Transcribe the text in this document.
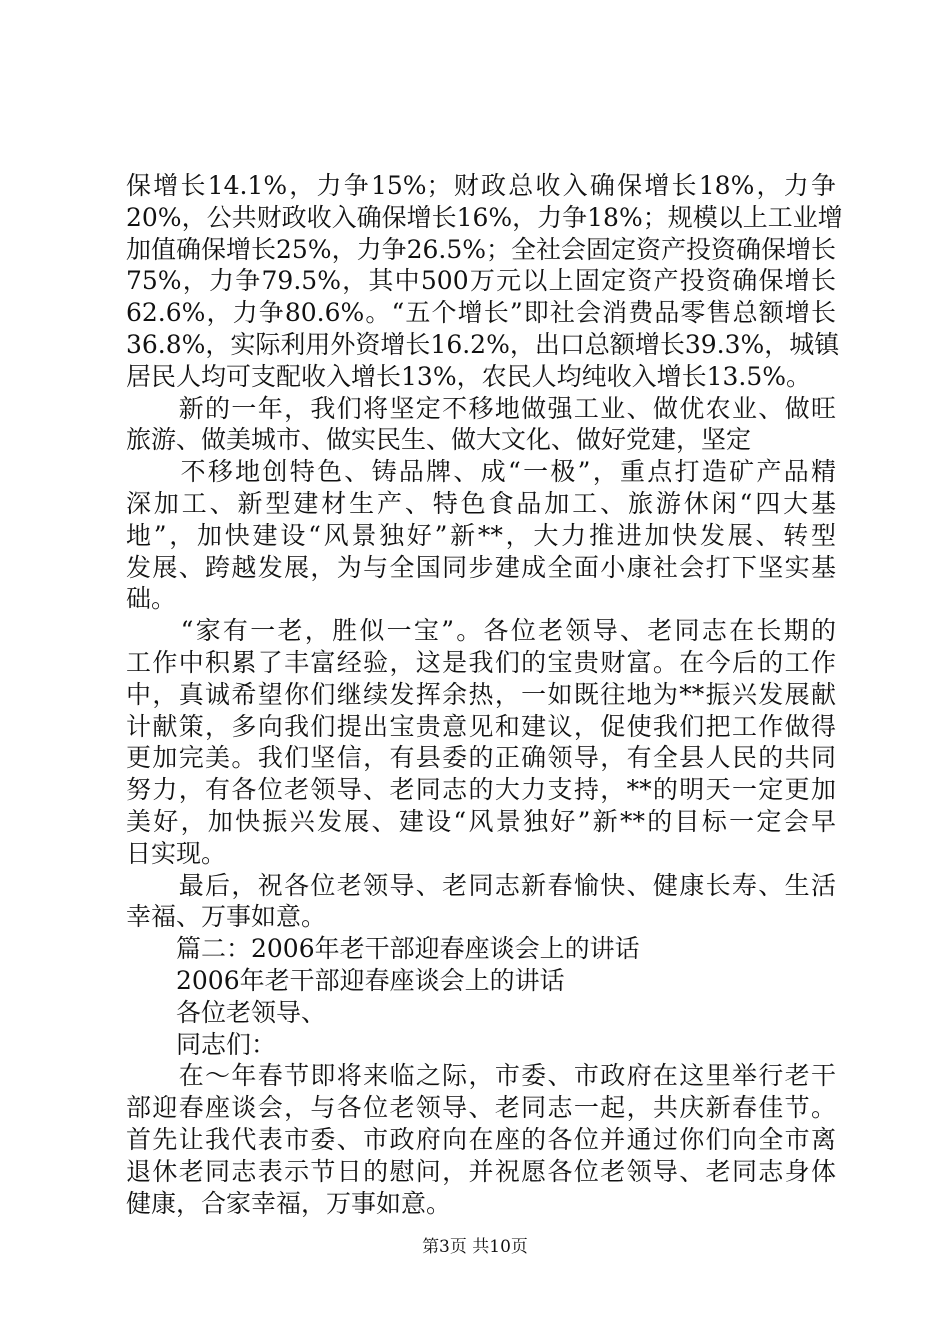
保增长14.1%，力争15%；财政总收入确保增长18%，力争
20%，公共财政收入确保增长16%，力争18%；规模以上工业增
加值确保增长25%，力争26.5%；全社会固定资产投资确保增长
75%，力争79.5%，其中500万元以上固定资产投资确保增长
62.6%，力争80.6%。“五个增长”即社会消费品零售总额增长
36.8%，实际利用外资增长16.2%，出口总额增长39.3%，城镇
居民人均可支配收入增长13%，农民人均纯收入增长13.5%。
　　新的一年，我们将坚定不移地做强工业、做优农业、做旺
旅游、做美城市、做实民生、做大文化、做好党建，坚定
　　不移地创特色、铸品牌、成“一极”，重点打造矿产品精
深加工、新型建材生产、特色食品加工、旅游休闲“四大基
地”，加快建设“风景独好”新**，大力推进加快发展、转型
发展、跨越发展，为与全国同步建成全面小康社会打下坚实基
础。
　　“家有一老，胜似一宝”。各位老领导、老同志在长期的
工作中积累了丰富经验，这是我们的宝贵财富。在今后的工作
中，真诚希望你们继续发挥余热，一如既往地为**振兴发展献
计献策，多向我们提出宝贵意见和建议，促使我们把工作做得
更加完美。我们坚信，有县委的正确领导，有全县人民的共同
努力，有各位老领导、老同志的大力支持，**的明天一定更加
美好，加快振兴发展、建设“风景独好”新**的目标一定会早
日实现。
　　最后，祝各位老领导、老同志新春愉快、健康长寿、生活
幸福、万事如意。
　　篇二：2006年老干部迎春座谈会上的讲话
　　2006年老干部迎春座谈会上的讲话
　　各位老领导、
　　同志们：
　　在～年春节即将来临之际，市委、市政府在这里举行老干
部迎春座谈会，与各位老领导、老同志一起，共庆新春佳节。
首先让我代表市委、市政府向在座的各位并通过你们向全市离
退休老同志表示节日的慰问，并祝愿各位老领导、老同志身体
健康，合家幸福，万事如意。
第3页 共10页
